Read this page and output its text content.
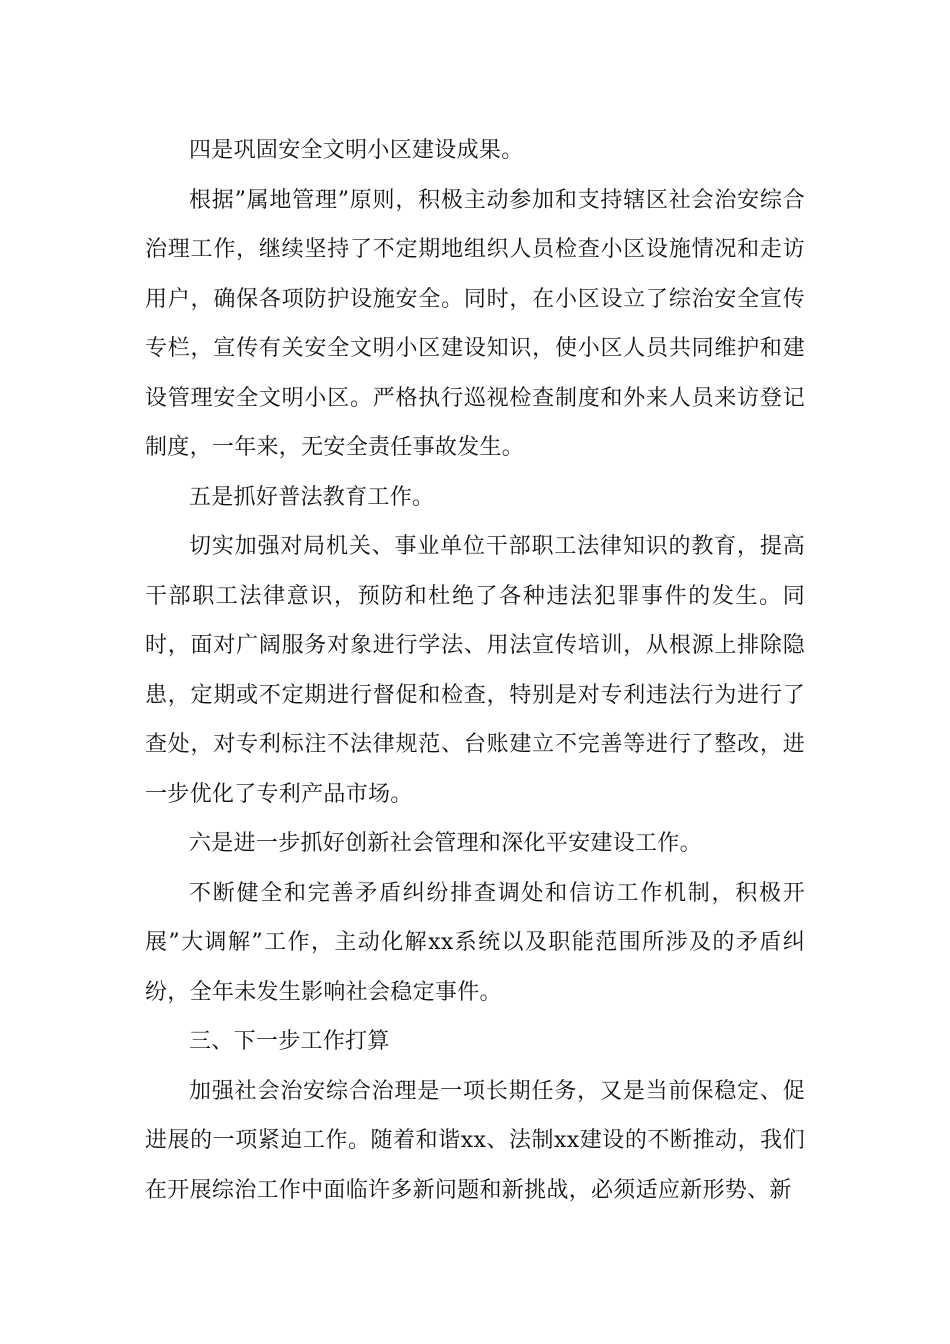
四是巩固安全文明小区建设成果。

根据”属地管理”原则，积极主动参加和支持辖区社会治安综合治理工作，继续坚持了不定期地组织人员检查小区设施情况和走访用户，确保各项防护设施安全。同时，在小区设立了综治安全宣传专栏，宣传有关安全文明小区建设知识，使小区人员共同维护和建设管理安全文明小区。严格执行巡视检查制度和外来人员来访登记制度，一年来，无安全责任事故发生。

五是抓好普法教育工作。

切实加强对局机关、事业单位干部职工法律知识的教育，提高干部职工法律意识，预防和杜绝了各种违法犯罪事件的发生。同时，面对广阔服务对象进行学法、用法宣传培训，从根源上排除隐患，定期或不定期进行督促和检查，特别是对专利违法行为进行了查处，对专利标注不法律规范、台账建立不完善等进行了整改，进一步优化了专利产品市场。

六是进一步抓好创新社会管理和深化平安建设工作。

不断健全和完善矛盾纠纷排查调处和信访工作机制，积极开展”大调解”工作，主动化解xx系统以及职能范围所涉及的矛盾纠纷，全年未发生影响社会稳定事件。

三、下一步工作打算

加强社会治安综合治理是一项长期任务，又是当前保稳定、促进展的一项紧迫工作。随着和谐xx、法制xx建设的不断推动，我们在开展综治工作中面临许多新问题和新挑战，必须适应新形势、新
